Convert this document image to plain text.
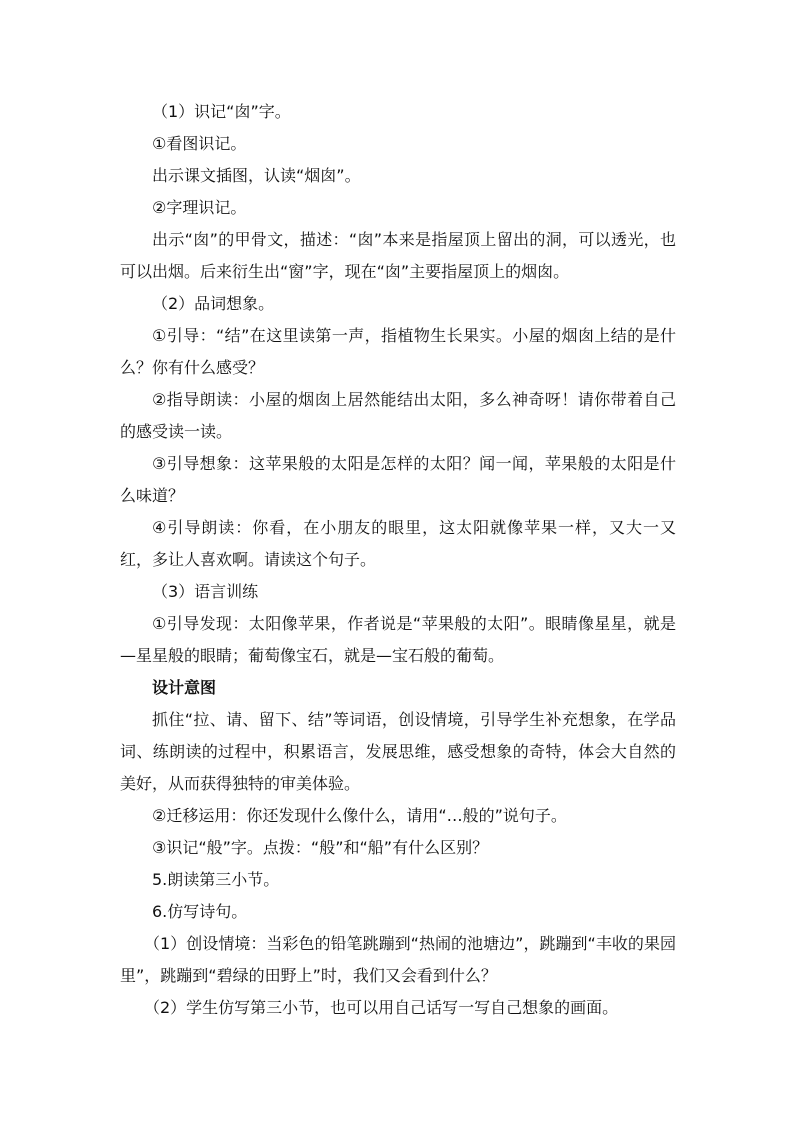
（1）识记“囱”字。

①看图识记。

出示课文插图，认读“烟囱”。

②字理识记。

出示“囱”的甲骨文，描述：“囱”本来是指屋顶上留出的洞，可以透光，也可以出烟。后来衍生出“窗”字，现在“囱”主要指屋顶上的烟囱。

（2）品词想象。

①引导：“结”在这里读第一声，指植物生长果实。小屋的烟囱上结的是什么？你有什么感受？

②指导朗读：小屋的烟囱上居然能结出太阳，多么神奇呀！请你带着自己的感受读一读。

③引导想象：这苹果般的太阳是怎样的太阳？闻一闻，苹果般的太阳是什么味道？

④引导朗读：你看，在小朋友的眼里，这太阳就像苹果一样，又大一又红，多让人喜欢啊。请读这个句子。

（3）语言训练

①引导发现：太阳像苹果，作者说是“苹果般的太阳”。眼睛像星星，就是—星星般的眼睛；葡萄像宝石，就是—宝石般的葡萄。

设计意图

抓住“拉、请、留下、结”等词语，创设情境，引导学生补充想象，在学品词、练朗读的过程中，积累语言，发展思维，感受想象的奇特，体会大自然的美好，从而获得独特的审美体验。

②迁移运用：你还发现什么像什么，请用“…般的”说句子。

③识记“般”字。点拨：“般”和“船”有什么区别？

5.朗读第三小节。

6.仿写诗句。

（1）创设情境：当彩色的铅笔跳蹦到“热闹的池塘边”，跳蹦到“丰收的果园里”，跳蹦到“碧绿的田野上”时，我们又会看到什么？

（2）学生仿写第三小节，也可以用自己话写一写自己想象的画面。
